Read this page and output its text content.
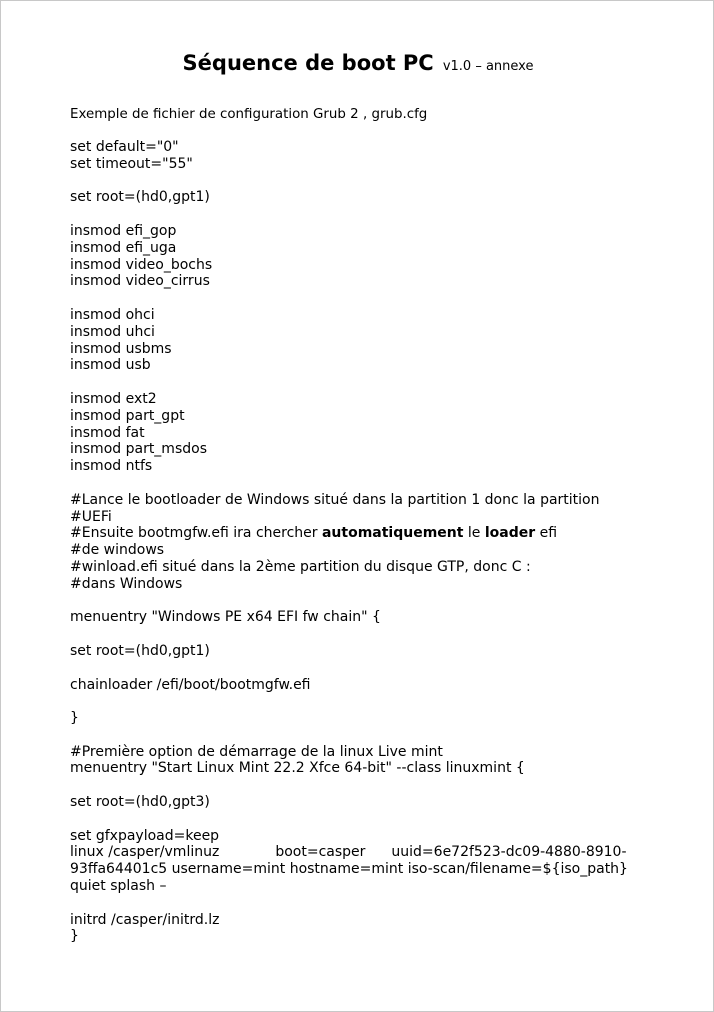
Séquence de boot PC v1.0 – annexe
Exemple de fichier de configuration Grub 2 , grub.cfg
set default="0"
set timeout="55"
set root=(hd0,gpt1)
insmod efi_gop
insmod efi_uga
insmod video_bochs
insmod video_cirrus
insmod ohci
insmod uhci
insmod usbms
insmod usb
insmod ext2
insmod part_gpt
insmod fat
insmod part_msdos
insmod ntfs
#Lance le bootloader de Windows situé dans la partition 1 donc la partition
#UEFi
#Ensuite bootmgfw.efi ira chercher automatiquement le loader efi
#de windows
#winload.efi situé dans la 2ème partition du disque GTP, donc C :
#dans Windows
menuentry "Windows PE x64 EFI fw chain" {
set root=(hd0,gpt1)
chainloader /efi/boot/bootmgfw.efi
}
#Première option de démarrage de la linux Live mint
menuentry "Start Linux Mint 22.2 Xfce 64-bit" --class linuxmint {
set root=(hd0,gpt3)
set gfxpayload=keep
linux /casper/vmlinuz	boot=casper uuid=6e72f523-dc09-4880-8910-
93ffa64401c5 username=mint hostname=mint iso-scan/filename=${iso_path}
quiet splash –
initrd /casper/initrd.lz
}
